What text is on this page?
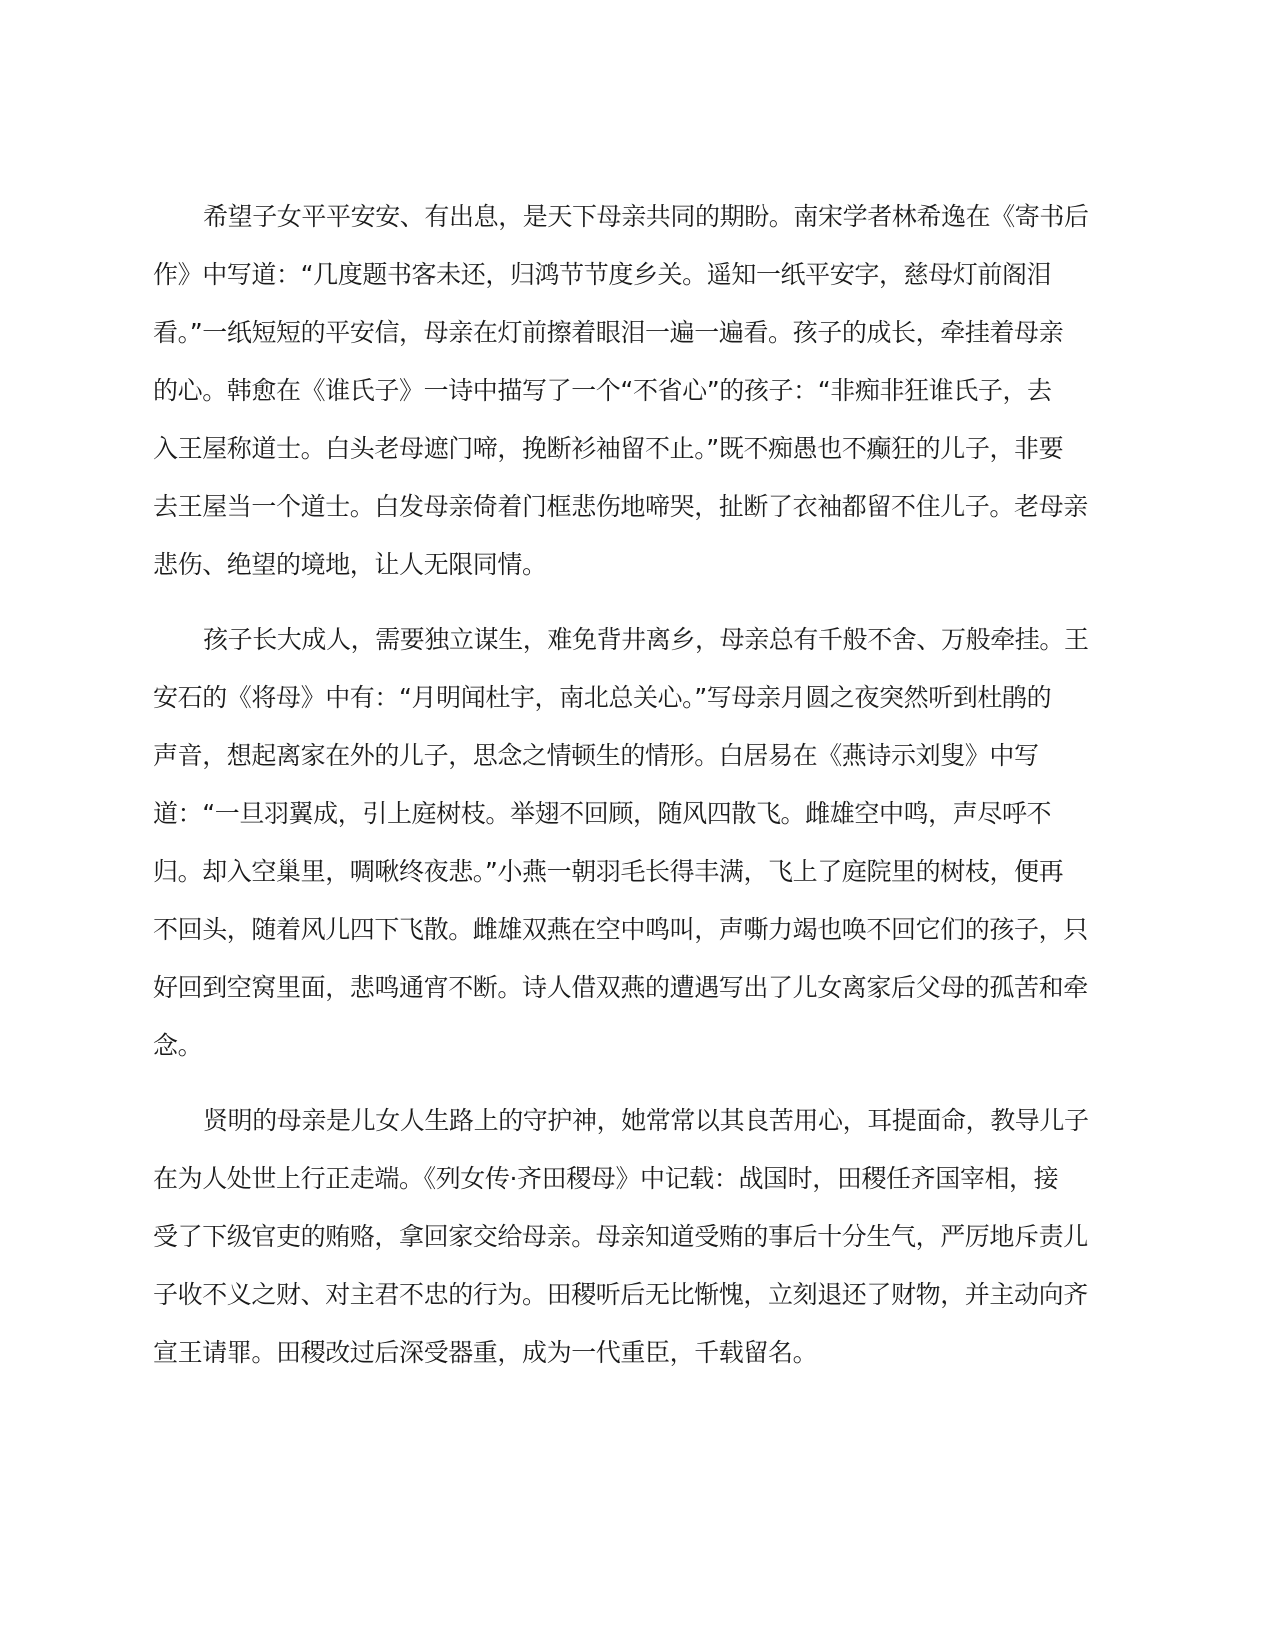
希望子女平平安安、有出息，是天下母亲共同的期盼。南宋学者林希逸在《寄书后
作》中写道：“几度题书客未还，归鸿节节度乡关。遥知一纸平安字，慈母灯前阁泪
看。”一纸短短的平安信，母亲在灯前擦着眼泪一遍一遍看。孩子的成长，牵挂着母亲
的心。韩愈在《谁氏子》一诗中描写了一个“不省心”的孩子：“非痴非狂谁氏子，去
入王屋称道士。白头老母遮门啼，挽断衫袖留不止。”既不痴愚也不癫狂的儿子，非要
去王屋当一个道士。白发母亲倚着门框悲伤地啼哭，扯断了衣袖都留不住儿子。老母亲
悲伤、绝望的境地，让人无限同情。
孩子长大成人，需要独立谋生，难免背井离乡，母亲总有千般不舍、万般牵挂。王
安石的《将母》中有：“月明闻杜宇，南北总关心。”写母亲月圆之夜突然听到杜鹃的
声音，想起离家在外的儿子，思念之情顿生的情形。白居易在《燕诗示刘叟》中写
道：“一旦羽翼成，引上庭树枝。举翅不回顾，随风四散飞。雌雄空中鸣，声尽呼不
归。却入空巢里，啁啾终夜悲。”小燕一朝羽毛长得丰满，飞上了庭院里的树枝，便再
不回头，随着风儿四下飞散。雌雄双燕在空中鸣叫，声嘶力竭也唤不回它们的孩子，只
好回到空窝里面，悲鸣通宵不断。诗人借双燕的遭遇写出了儿女离家后父母的孤苦和牵
念。
贤明的母亲是儿女人生路上的守护神，她常常以其良苦用心，耳提面命，教导儿子
在为人处世上行正走端。《列女传·齐田稷母》中记载：战国时，田稷任齐国宰相，接
受了下级官吏的贿赂，拿回家交给母亲。母亲知道受贿的事后十分生气，严厉地斥责儿
子收不义之财、对主君不忠的行为。田稷听后无比惭愧，立刻退还了财物，并主动向齐
宣王请罪。田稷改过后深受器重，成为一代重臣，千载留名。
